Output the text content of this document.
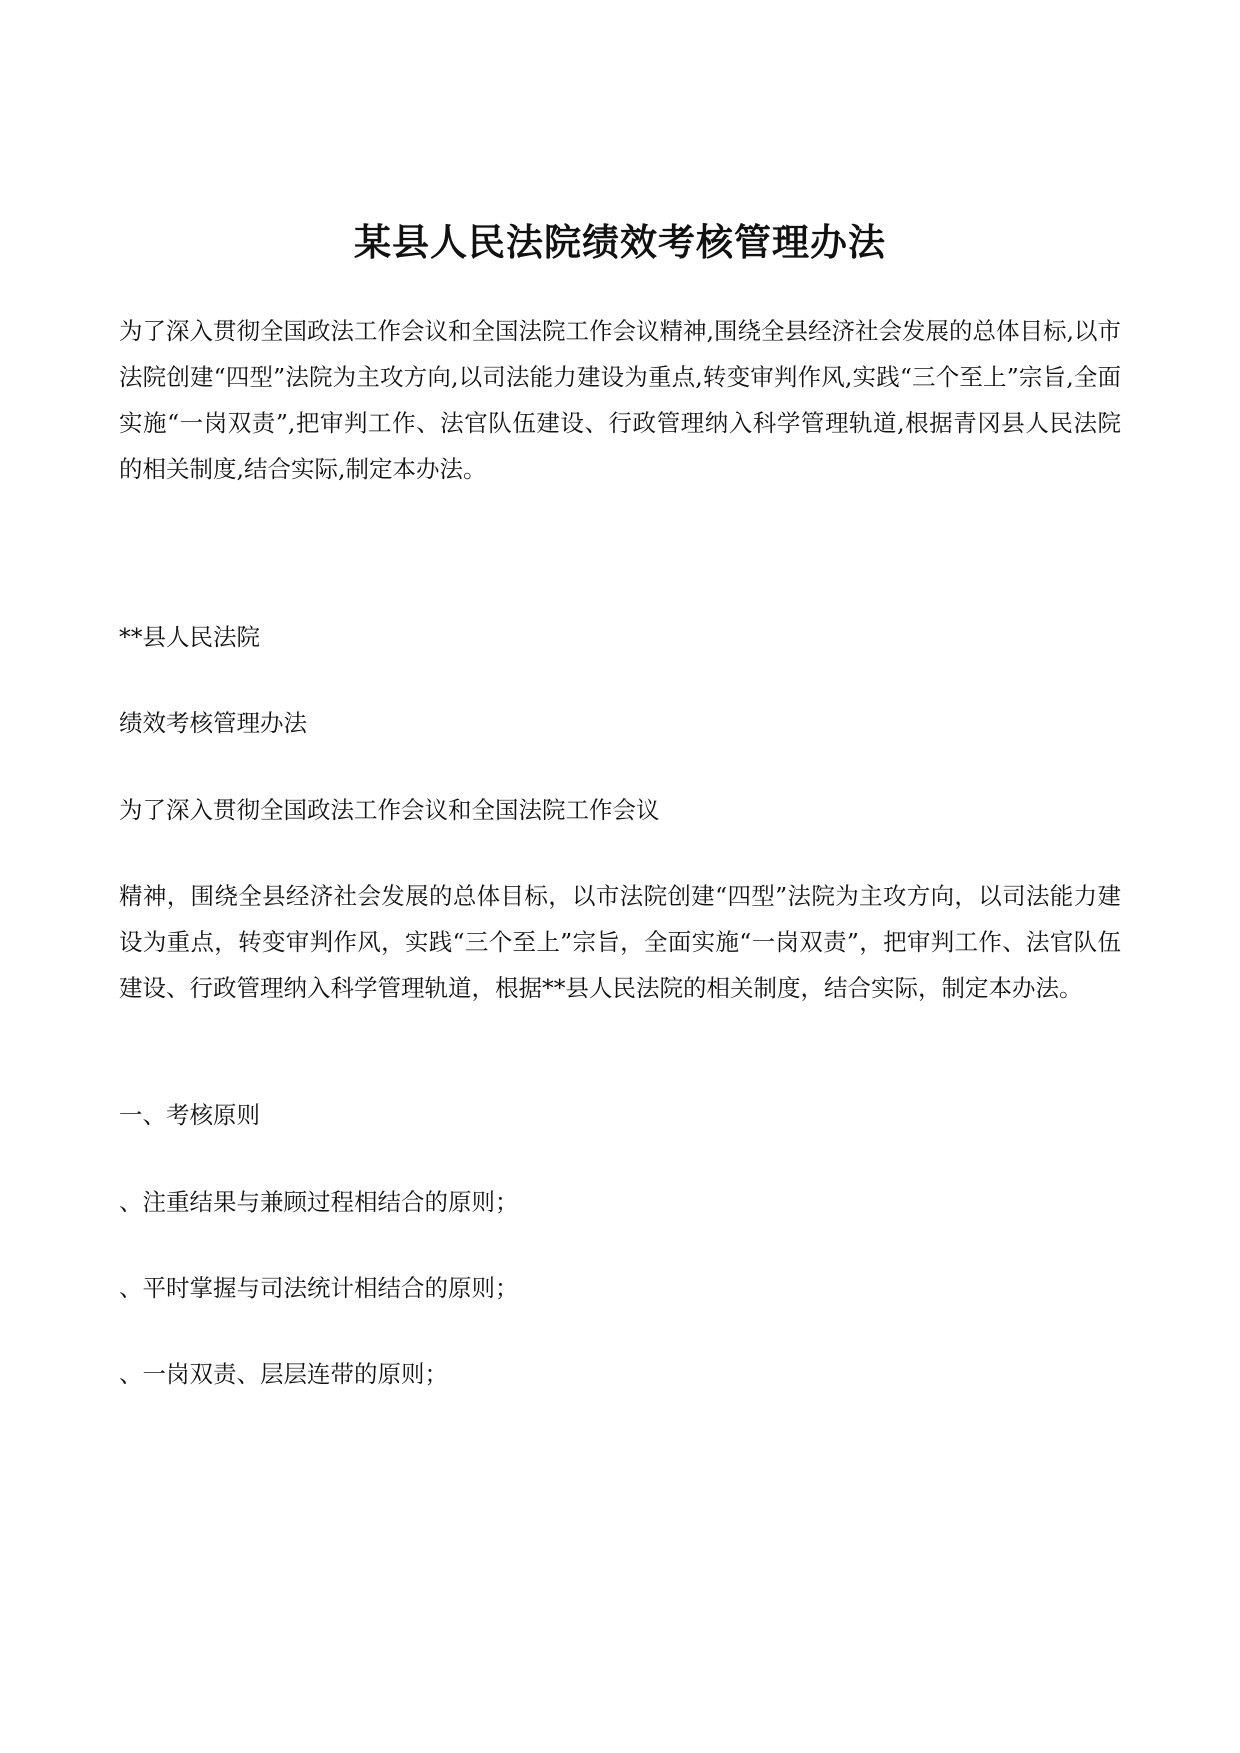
某县人民法院绩效考核管理办法
为了深入贯彻全国政法工作会议和全国法院工作会议精神,围绕全县经济社会发展的总体目标,以市法院创建“四型”法院为主攻方向,以司法能力建设为重点,转变审判作风,实践“三个至上”宗旨,全面实施“一岗双责”,把审判工作、法官队伍建设、行政管理纳入科学管理轨道,根据青冈县人民法院的相关制度,结合实际,制定本办法。
**县人民法院
绩效考核管理办法
为了深入贯彻全国政法工作会议和全国法院工作会议
精神，围绕全县经济社会发展的总体目标，以市法院创建“四型”法院为主攻方向，以司法能力建设为重点，转变审判作风，实践“三个至上”宗旨，全面实施“一岗双责”，把审判工作、法官队伍建设、行政管理纳入科学管理轨道，根据**县人民法院的相关制度，结合实际，制定本办法。
一、考核原则
、注重结果与兼顾过程相结合的原则；
、平时掌握与司法统计相结合的原则；
、一岗双责、层层连带的原则；
